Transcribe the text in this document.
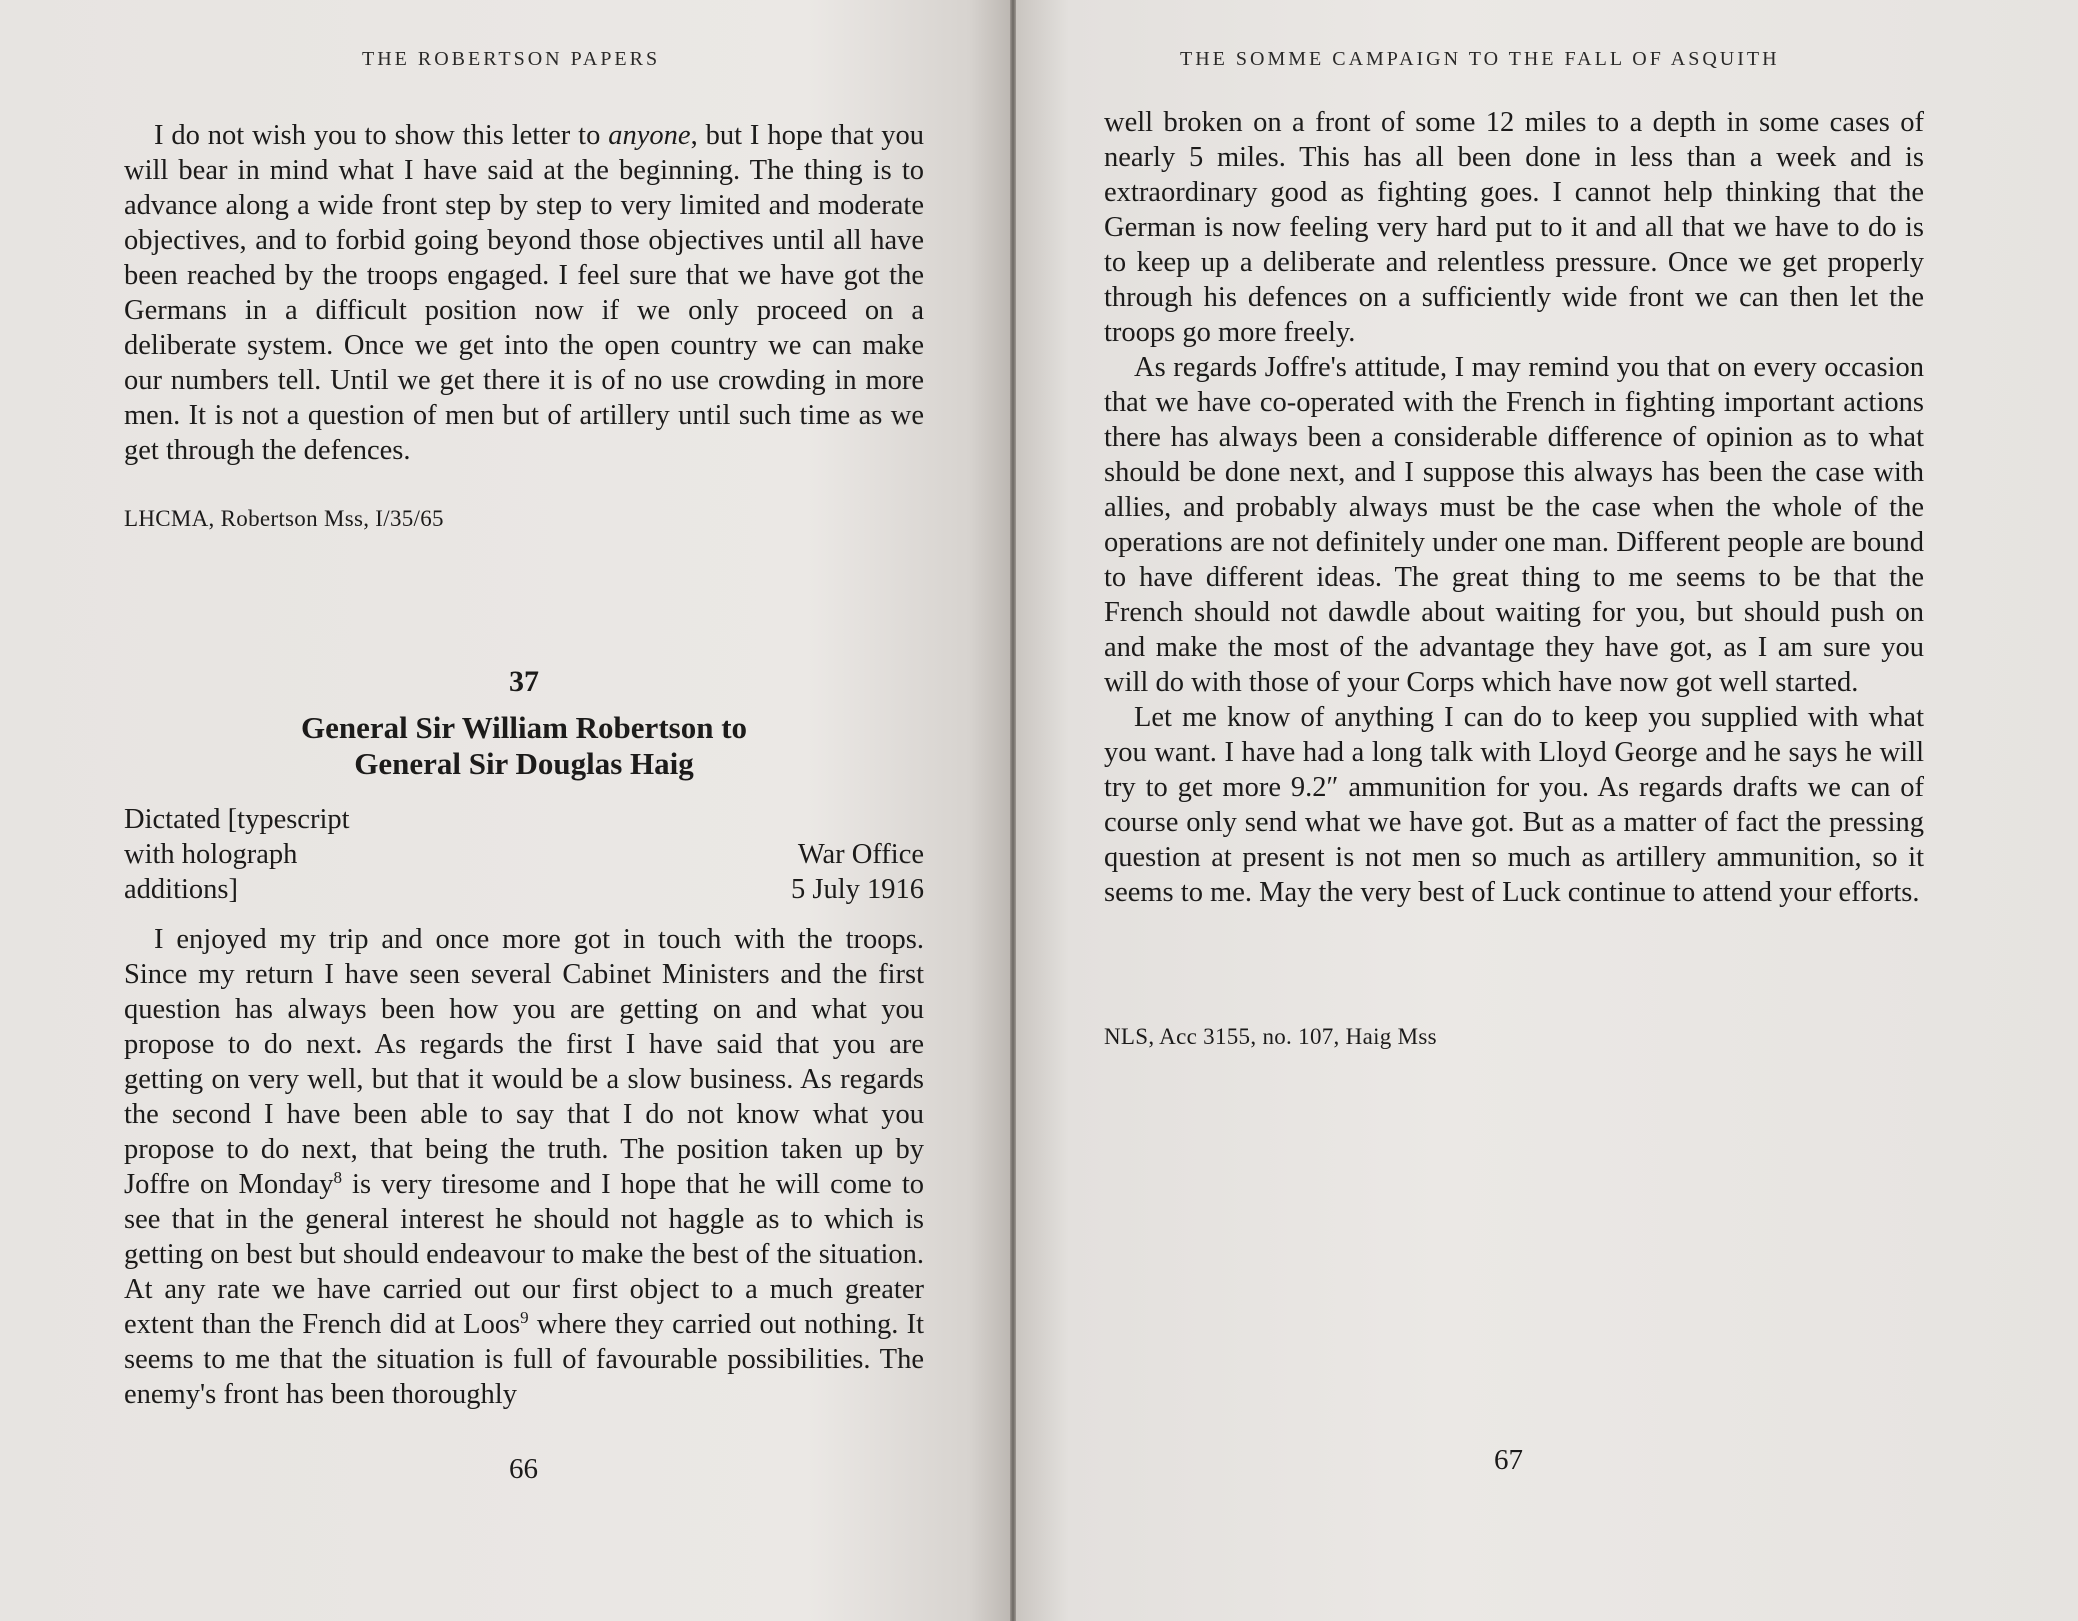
THE ROBERTSON PAPERS

I do not wish you to show this letter to anyone, but I hope that you will bear in mind what I have said at the beginning. The thing is to advance along a wide front step by step to very limited and moderate objectives, and to forbid going beyond those objectives until all have been reached by the troops engaged. I feel sure that we have got the Germans in a difficult position now if we only proceed on a deliberate system. Once we get into the open country we can make our numbers tell. Until we get there it is of no use crowding in more men. It is not a question of men but of artillery until such time as we get through the defences.

LHCMA, Robertson Mss, I/35/65
37
General Sir William Robertson to
General Sir Douglas Haig
Dictated [typescript
with holograph
additions]
War Office
5 July 1916

I enjoyed my trip and once more got in touch with the troops. Since my return I have seen several Cabinet Ministers and the first question has always been how you are getting on and what you propose to do next. As regards the first I have said that you are getting on very well, but that it would be a slow business. As regards the second I have been able to say that I do not know what you propose to do next, that being the truth. The position taken up by Joffre on Monday$^8$ is very tiresome and I hope that he will come to see that in the general interest he should not haggle as to which is getting on best but should endeavour to make the best of the situation. At any rate we have carried out our first object to a much greater extent than the French did at Loos$^9$ where they carried out nothing. It seems to me that the situation is full of favourable possibilities. The enemy's front has been thoroughly

66
THE SOMME CAMPAIGN TO THE FALL OF ASQUITH

well broken on a front of some 12 miles to a depth in some cases of nearly 5 miles. This has all been done in less than a week and is extraordinary good as fighting goes. I cannot help thinking that the German is now feeling very hard put to it and all that we have to do is to keep up a deliberate and relentless pressure. Once we get properly through his defences on a sufficiently wide front we can then let the troops go more freely.

As regards Joffre's attitude, I may remind you that on every occasion that we have co-operated with the French in fighting important actions there has always been a considerable difference of opinion as to what should be done next, and I suppose this always has been the case with allies, and probably always must be the case when the whole of the operations are not definitely under one man. Different people are bound to have different ideas. The great thing to me seems to be that the French should not dawdle about waiting for you, but should push on and make the most of the advantage they have got, as I am sure you will do with those of your Corps which have now got well started.

Let me know of anything I can do to keep you supplied with what you want. I have had a long talk with Lloyd George and he says he will try to get more 9.2″ ammunition for you. As regards drafts we can of course only send what we have got. But as a matter of fact the pressing question at present is not men so much as artillery ammunition, so it seems to me. May the very best of Luck continue to attend your efforts.

NLS, Acc 3155, no. 107, Haig Mss
67
